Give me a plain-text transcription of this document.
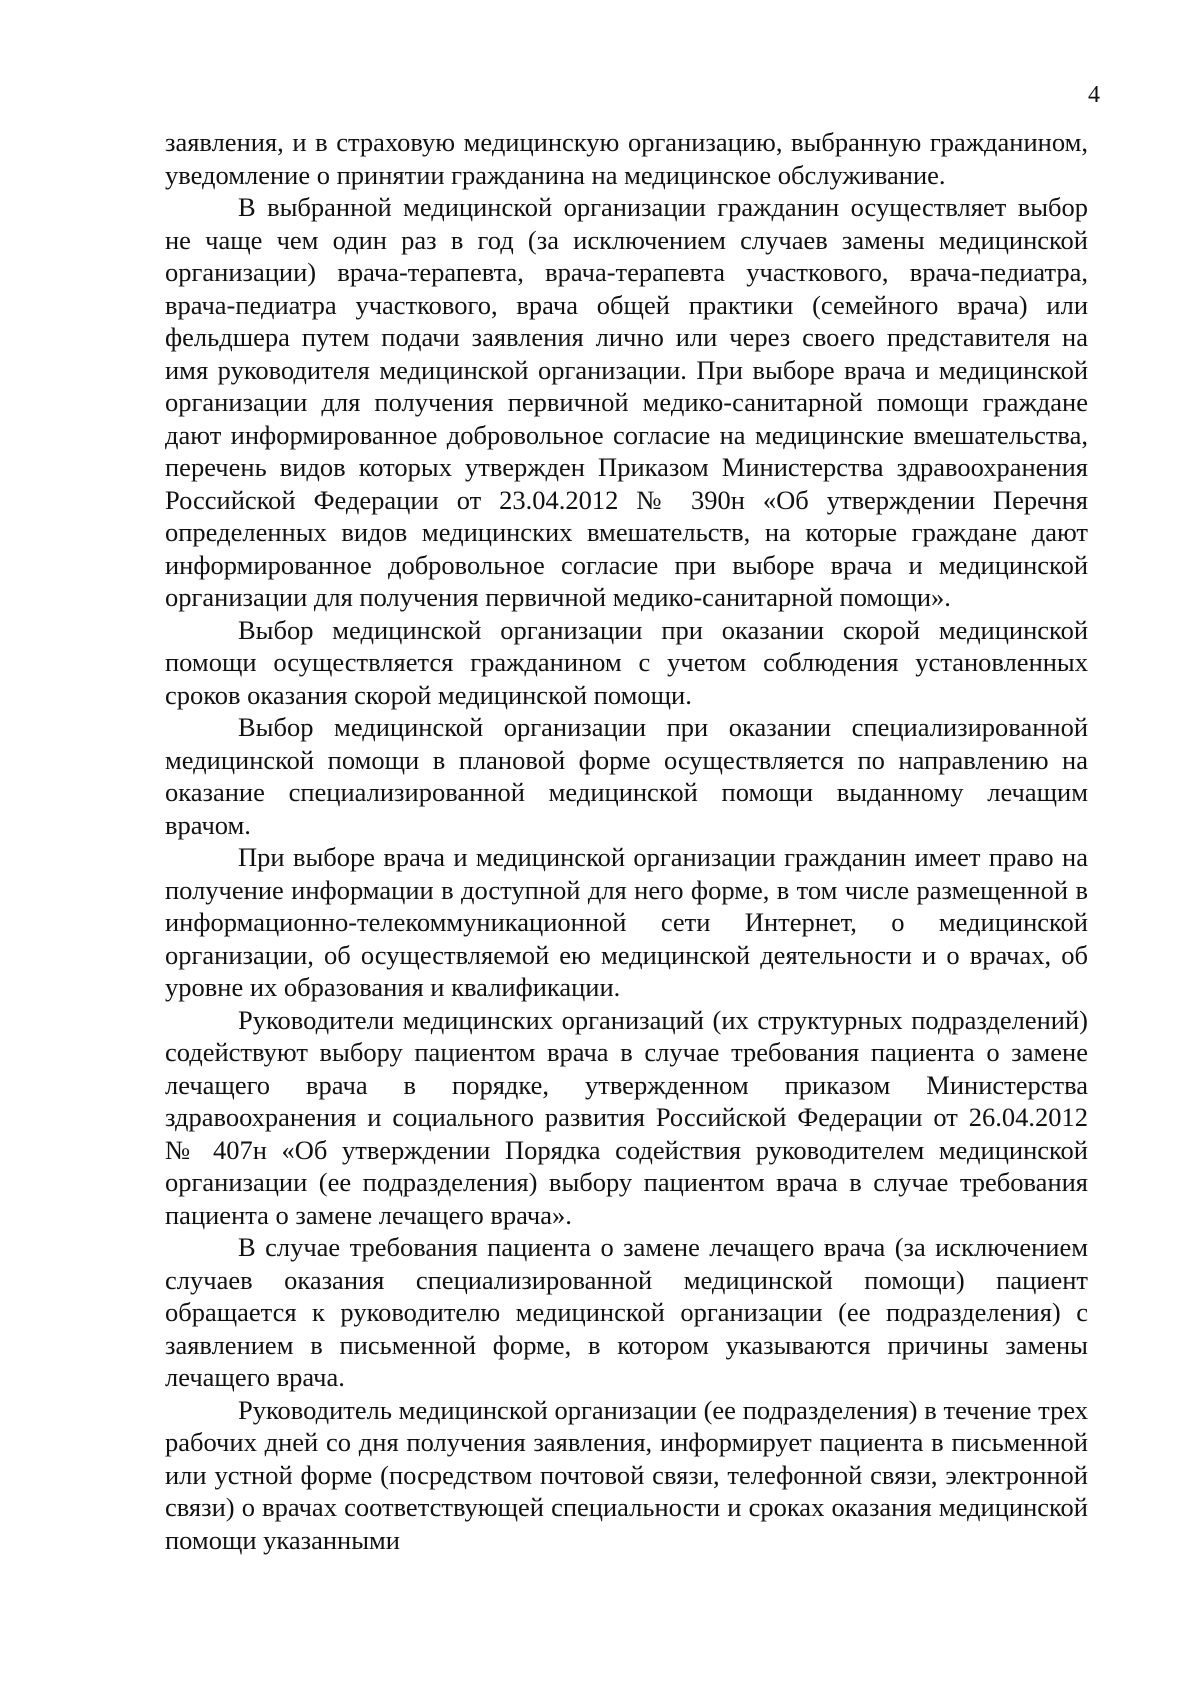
4

заявления, и в страховую медицинскую организацию, выбранную гражданином, уведомление о принятии гражданина на медицинское обслуживание.

В выбранной медицинской организации гражданин осуществляет выбор не чаще чем один раз в год (за исключением случаев замены медицинской организации) врача-терапевта, врача-терапевта участкового, врача-педиатра, врача-педиатра участкового, врача общей практики (семейного врача) или фельдшера путем подачи заявления лично или через своего представителя на имя руководителя медицинской организации. При выборе врача и медицинской организации для получения первичной медико-санитарной помощи граждане дают информированное добровольное согласие на медицинские вмешательства, перечень видов которых утвержден Приказом Министерства здравоохранения Российской Федерации от 23.04.2012 № 390н «Об утверждении Перечня определенных видов медицинских вмешательств, на которые граждане дают информированное добровольное согласие при выборе врача и медицинской организации для получения первичной медико-санитарной помощи».

Выбор медицинской организации при оказании скорой медицинской помощи осуществляется гражданином с учетом соблюдения установленных сроков оказания скорой медицинской помощи.

Выбор медицинской организации при оказании специализированной медицинской помощи в плановой форме осуществляется по направлению на оказание специализированной медицинской помощи выданному лечащим врачом.

При выборе врача и медицинской организации гражданин имеет право на получение информации в доступной для него форме, в том числе размещенной в информационно-телекоммуникационной сети Интернет, о медицинской организации, об осуществляемой ею медицинской деятельности и о врачах, об уровне их образования и квалификации.

Руководители медицинских организаций (их структурных подразделений) содействуют выбору пациентом врача в случае требования пациента о замене лечащего врача в порядке, утвержденном приказом Министерства здравоохранения и социального развития Российской Федерации от 26.04.2012 № 407н «Об утверждении Порядка содействия руководителем медицинской организации (ее подразделения) выбору пациентом врача в случае требования пациента о замене лечащего врача».

В случае требования пациента о замене лечащего врача (за исключением случаев оказания специализированной медицинской помощи) пациент обращается к руководителю медицинской организации (ее подразделения) с заявлением в письменной форме, в котором указываются причины замены лечащего врача.

Руководитель медицинской организации (ее подразделения) в течение трех рабочих дней со дня получения заявления, информирует пациента в письменной или устной форме (посредством почтовой связи, телефонной связи, электронной связи) о врачах соответствующей специальности и сроках оказания медицинской помощи указанными
